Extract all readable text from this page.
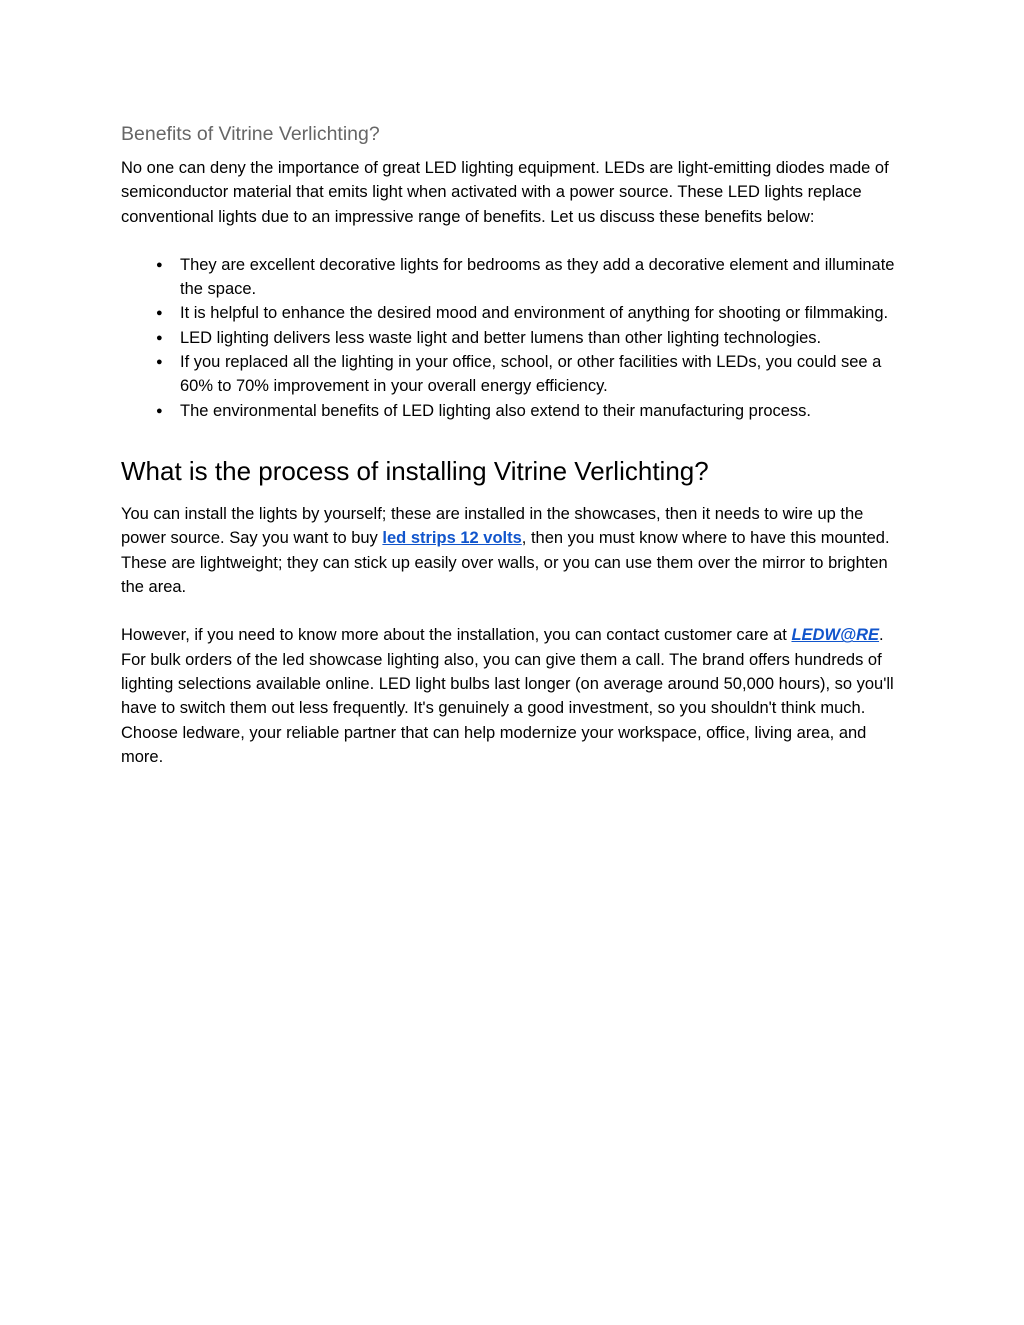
Benefits of Vitrine Verlichting?

No one can deny the importance of great LED lighting equipment. LEDs are light-emitting diodes made of semiconductor material that emits light when activated with a power source. These LED lights replace conventional lights due to an impressive range of benefits. Let us discuss these benefits below:

● They are excellent decorative lights for bedrooms as they add a decorative element and illuminate the space.
● It is helpful to enhance the desired mood and environment of anything for shooting or filmmaking.
● LED lighting delivers less waste light and better lumens than other lighting technologies.
● If you replaced all the lighting in your office, school, or other facilities with LEDs, you could see a 60% to 70% improvement in your overall energy efficiency.
● The environmental benefits of LED lighting also extend to their manufacturing process.
What is the process of installing Vitrine Verlichting?

You can install the lights by yourself; these are installed in the showcases, then it needs to wire up the power source. Say you want to buy led strips 12 volts, then you must know where to have this mounted. These are lightweight; they can stick up easily over walls, or you can use them over the mirror to brighten the area.

However, if you need to know more about the installation, you can contact customer care at LEDW@RE. For bulk orders of the led showcase lighting also, you can give them a call. The brand offers hundreds of lighting selections available online. LED light bulbs last longer (on average around 50,000 hours), so you'll have to switch them out less frequently. It's genuinely a good investment, so you shouldn't think much. Choose ledware, your reliable partner that can help modernize your workspace, office, living area, and more.
